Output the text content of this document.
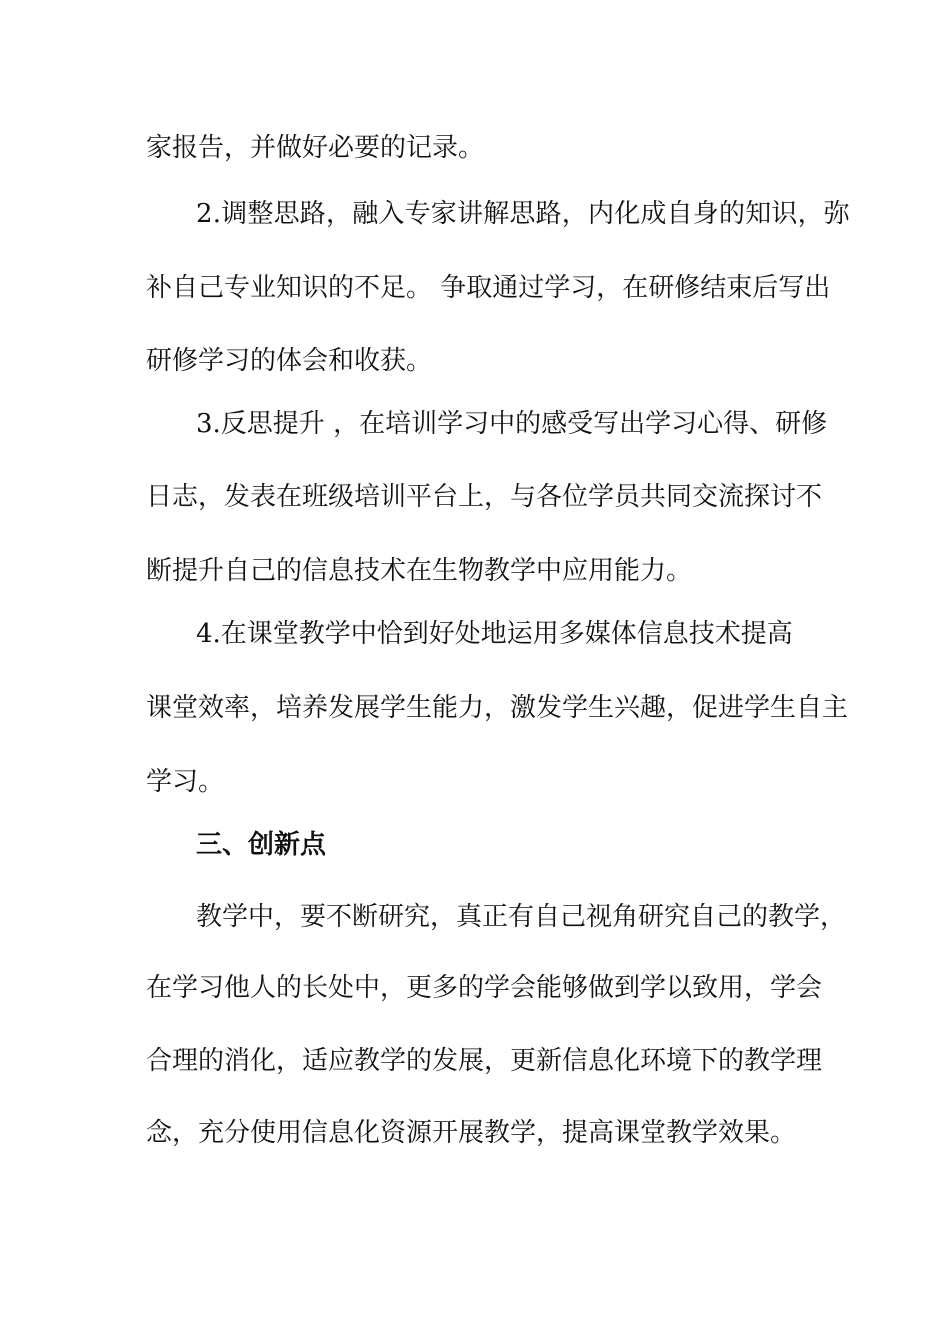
家报告，并做好必要的记录。
2.调整思路，融入专家讲解思路，内化成自身的知识，弥
补自己专业知识的不足。 争取通过学习，在研修结束后写出
研修学习的体会和收获。
3.反思提升 ，在培训学习中的感受写出学习心得、研修
日志，发表在班级培训平台上，与各位学员共同交流探讨不
断提升自己的信息技术在生物教学中应用能力。
4.在课堂教学中恰到好处地运用多媒体信息技术提高
课堂效率，培养发展学生能力，激发学生兴趣，促进学生自主
学习。
三、创新点
教学中，要不断研究，真正有自己视角研究自己的教学，
在学习他人的长处中，更多的学会能够做到学以致用，学会
合理的消化，适应教学的发展，更新信息化环境下的教学理
念，充分使用信息化资源开展教学，提高课堂教学效果。
